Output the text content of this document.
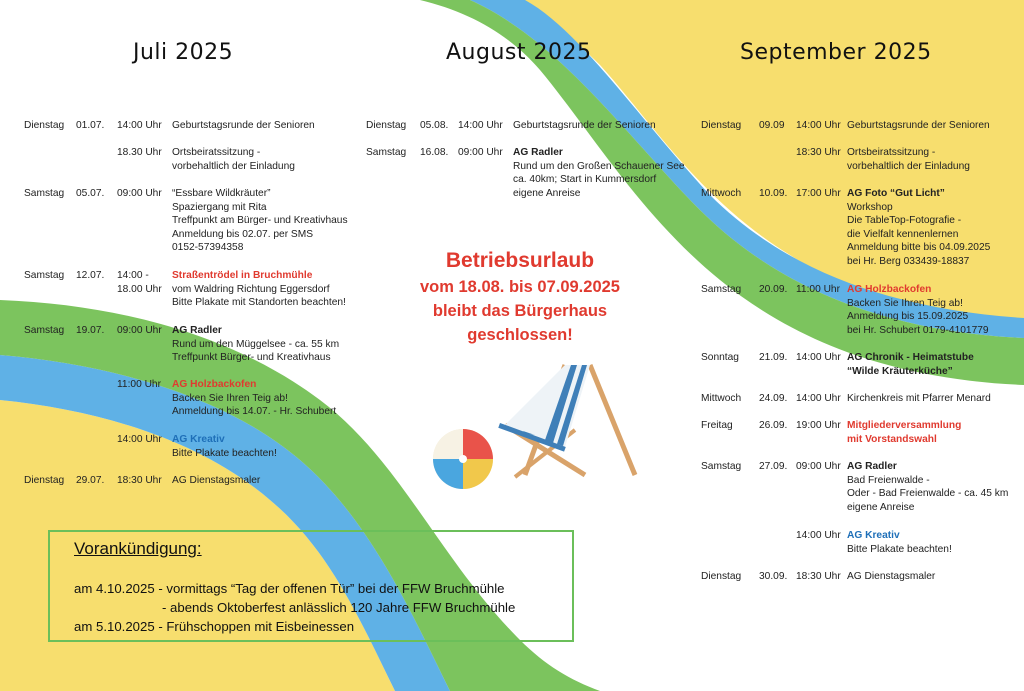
Juli 2025	August 2025	September 2025
Dienstag 01.07. 14:00 Uhr Geburtstagsrunde der Senioren
18.30 Uhr Ortsbeiratssitzung -
vorbehaltlich der Einladung
Samstag 05.07. 09:00 Uhr “Essbare Wildkräuter”
Spaziergang mit Rita
Treffpunkt am Bürger- und Kreativhaus
Anmeldung bis 02.07. per SMS
0152-57394358
Samstag 12.07. 14:00 -
18.00 Uhr
Straßentrödel in Bruchmühle
vom Waldring Richtung Eggersdorf
Bitte Plakate mit Standorten beachten!
Samstag 19.07. 09:00 Uhr AG Radler
Rund um den Müggelsee - ca. 55 km
Treffpunkt Bürger- und Kreativhaus
11:00 Uhr AG Holzbackofen
Backen Sie Ihren Teig ab!
Anmeldung bis 14.07. - Hr. Schubert
14:00 Uhr AG Kreativ
Bitte Plakate beachten!
Dienstag 29.07. 18:30 Uhr AG Dienstagsmaler
Dienstag 05.08. 14:00 Uhr Geburtstagsrunde der Senioren
Samstag 16.08. 09:00 Uhr AG Radler
Rund um den Großen Schauener See
ca. 40km; Start in Kummersdorf
eigene Anreise
Dienstag 09.09 14:00 Uhr Geburtstagsrunde der Senioren
18:30 Uhr Ortsbeiratssitzung -
vorbehaltlich der Einladung
Mittwoch 10.09. 17:00 Uhr AG Foto “Gut Licht”
Workshop
Die TableTop-Fotografie -
die Vielfalt kennenlernen
Anmeldung bitte bis 04.09.2025
bei Hr. Berg 033439-18837
Samstag 20.09. 11:00 Uhr AG Holzbackofen
Backen Sie Ihren Teig ab!
Anmeldung bis 15.09.2025
bei Hr. Schubert 0179-4101779
Sonntag 21.09. 14:00 Uhr AG Chronik - Heimatstube
“Wilde Kräuterküche”
Mittwoch 24.09. 14:00 Uhr Kirchenkreis mit Pfarrer Menard
Freitag	26.09. 19:00 Uhr Mitgliederversammlung
mit Vorstandswahl
Samstag 27.09. 09:00 Uhr AG Radler
Bad Freienwalde -
Oder - Bad Freienwalde - ca. 45 km
eigene Anreise
14:00 Uhr AG Kreativ
Bitte Plakate beachten!
Dienstag 30.09. 18:30 Uhr AG Dienstagsmaler
Betriebsurlaub
vom 18.08. bis 07.09.2025
bleibt das Bürgerhaus
geschlossen!
Vorankündigung:
am 4.10.2025 - vormittags “Tag der offenen Tür” bei der FFW Bruchmühle
- abends Oktoberfest anlässlich 120 Jahre FFW Bruchmühle
am 5.10.2025 - Frühschoppen mit Eisbeinessen
